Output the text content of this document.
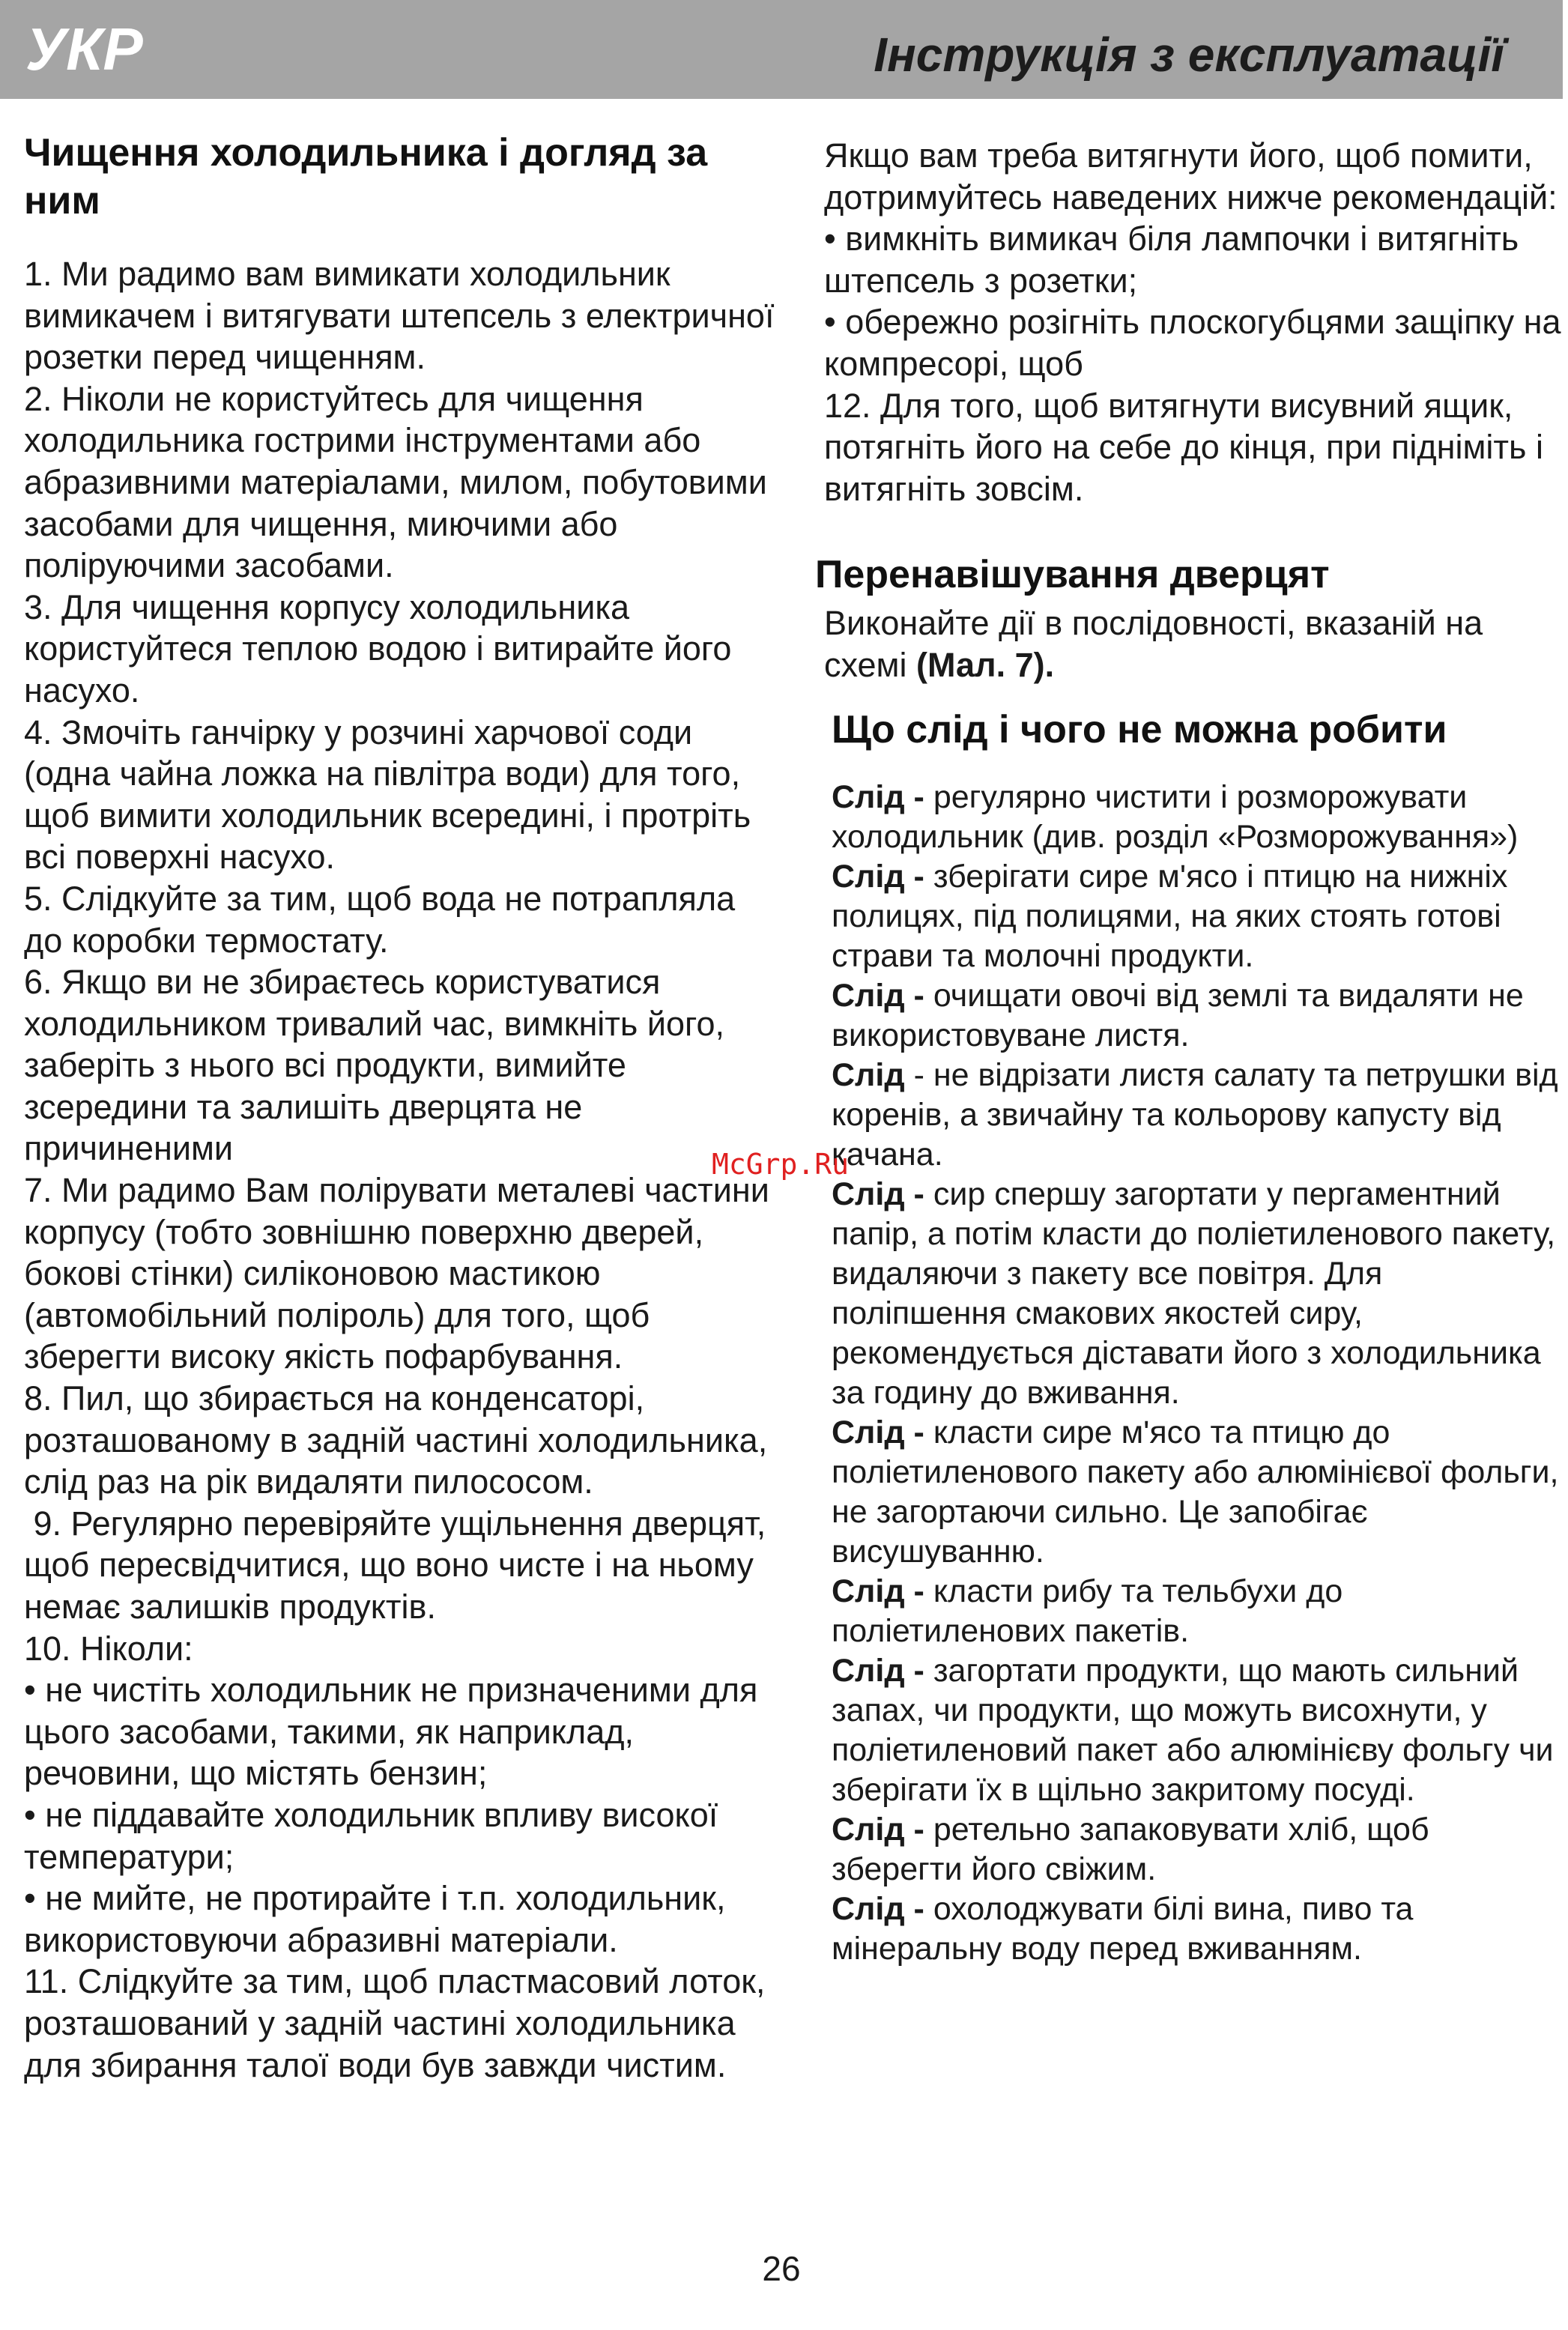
УКР	Інструкція з експлуатації
Чищення холодильника і догляд за ним
1. Ми радимо вам вимикати холодильник вимикачем і витягувати штепсель з електричної розетки перед чищенням.
2. Ніколи не користуйтесь для чищення холодильника гострими інструментами або абразивними матеріалами, милом, побутовими засобами для чищення, миючими або поліруючими засобами.
3. Для чищення корпусу холодильника користуйтеся теплою водою і витирайте його насухо.
4. Змочіть ганчірку у розчині харчової соди (одна чайна ложка на півлітра води) для того, щоб вимити холодильник всередині, і протріть всі поверхні насухо.
5. Слідкуйте за тим, щоб вода не потрапляла до коробки термостату.
6. Якщо ви не збираєтесь користуватися холодильником тривалий час, вимкніть його, заберіть з нього всі продукти, вимийте зсередини та залишіть дверцята не причиненими
7. Ми радимо Вам полірувати металеві частини корпусу (тобто зовнішню поверхню дверей, бокові стінки) силіконовою мастикою (автомобільний поліроль) для того, щоб зберегти високу якість пофарбування.
8. Пил, що збирається на конденсаторі, розташованому в задній частині холодильника, слід раз на рік видаляти пилососом.
9. Регулярно перевіряйте ущільнення дверцят, щоб пересвідчитися, що воно чисте і на ньому немає залишків продуктів.
10. Ніколи:
• не чистіть холодильник не призначеними для цього засобами, такими, як наприклад, речовини, що містять бензин;
• не піддавайте холодильник впливу високої температури;
• не мийте, не протирайте і т.п. холодильник, використовуючи абразивні матеріали.
11. Слідкуйте за тим, щоб пластмасовий лоток, розташований у задній частині холодильника для збирання талої води був завжди чистим.
Якщо вам треба витягнути його, щоб помити, дотримуйтесь наведених нижче рекомендацій:
• вимкніть вимикач біля лампочки і витягніть штепсель з розетки;
• обережно розігніть плоскогубцями защіпку на компресорі, щоб
12. Для того, щоб витягнути висувний ящик, потягніть його на себе до кінця, при підніміть і витягніть зовсім.
Перенавішування дверцят
Виконайте дії в послідовності, вказаній на схемі (Мал. 7).
Що слід і чого не можна робити
Слід - регулярно чистити і розморожувати холодильник (див. розділ «Розморожування»)
Слід - зберігати сире м'ясо і птицю на нижніх полицях, під полицями, на яких стоять готові страви та молочні продукти.
Слід - очищати овочі від землі та видаляти не використовуване листя.
Слід - не відрізати листя салату та петрушки від коренів, а звичайну та кольорову капусту від качана.
Слід - сир спершу загортати у пергаментний папір, а потім класти до поліетиленового пакету, видаляючи з пакету все повітря. Для поліпшення смакових якостей сиру, рекомендується діставати його з холодильника за годину до вживання.
Слід - класти сире м'ясо та птицю до поліетиленового пакету або алюмінієвої фольги, не загортаючи сильно. Це запобігає висушуванню.
Слід - класти рибу та тельбухи до поліетиленових пакетів.
Слід - загортати продукти, що мають сильний запах, чи продукти, що можуть висохнути, у поліетиленовий пакет або алюмінієву фольгу чи зберігати їх в щільно закритому посуді.
Слід - ретельно запаковувати хліб, щоб зберегти його свіжим.
Слід - охолоджувати білі вина, пиво та мінеральну воду перед вживанням.
McGrp.Ru
26
